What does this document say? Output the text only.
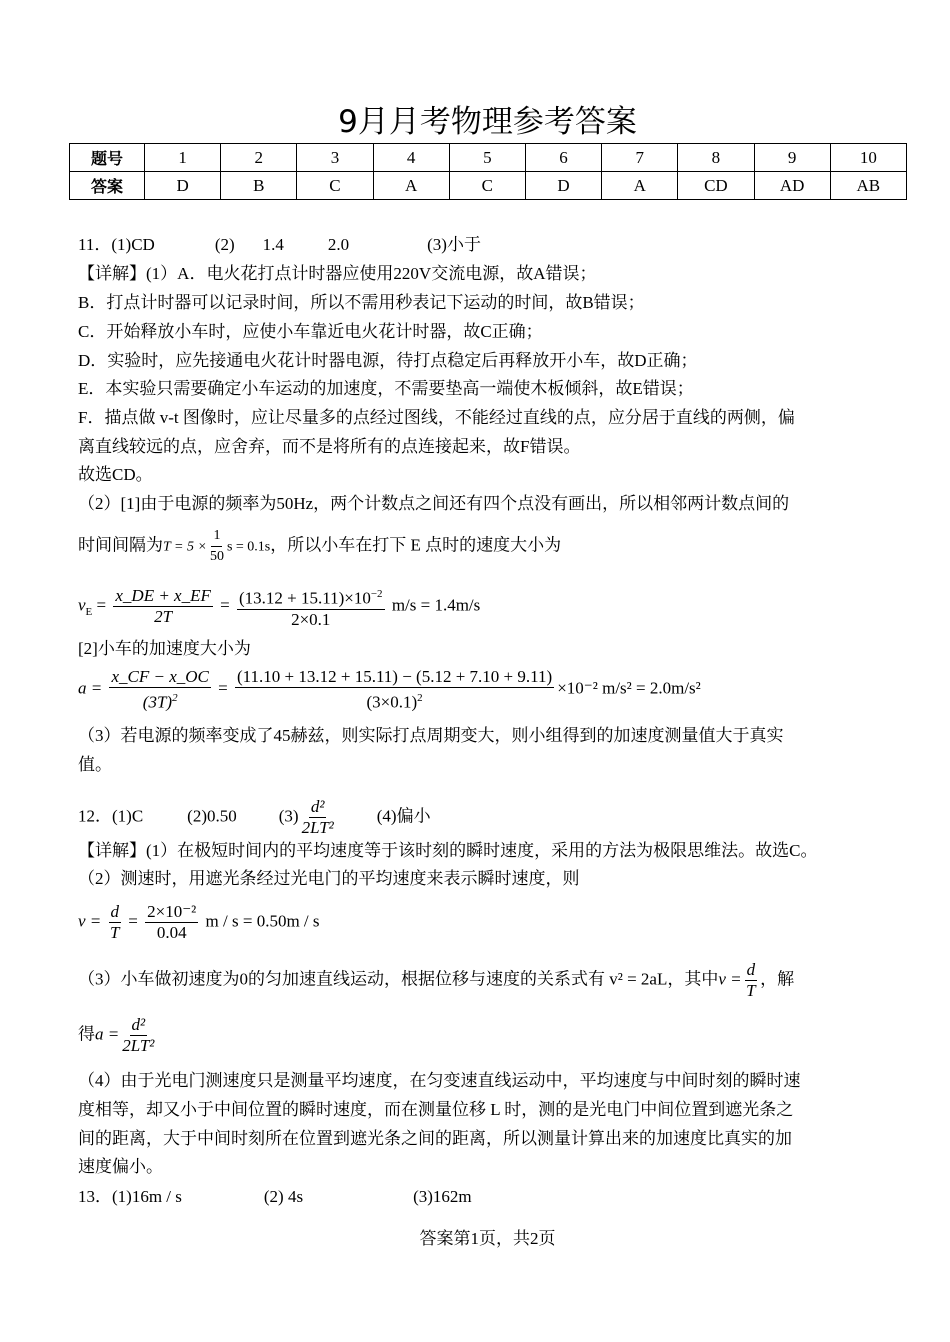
9月月考物理参考答案
题号	1	2	3	4	5	6	7	8	9	10
答案	D	B	C	A	C	D	A	CD	AD	AB
11．(1)CD	(2) 1.4	2.0	(3)小于
【详解】(1）A．电火花打点计时器应使用220V交流电源，故A错误；
B．打点计时器可以记录时间，所以不需用秒表记下运动的时间，故B错误；
C．开始释放小车时，应使小车靠近电火花计时器，故C正确；
D．实验时，应先接通电火花计时器电源，待打点稳定后再释放开小车，故D正确；
E．本实验只需要确定小车运动的加速度，不需要垫高一端使木板倾斜，故E错误；
F．描点做 v-t 图像时，应让尽量多的点经过图线，不能经过直线的点，应分居于直线的两侧，偏
离直线较远的点，应舍弃，而不是将所有的点连接起来，故F错误。
故选CD。
（2）[1]由于电源的频率为50Hz，两个计数点之间还有四个点没有画出，所以相邻两计数点间的
时间间隔为$T = 5 \times \frac{1}{50}$ s = 0.1s，所以小车在打下 E 点时的速度大小为
$v_E = \frac{x\_DE + x\_EF}{2T} = \frac{(13.12 + 15.11)\times 10^{-2}}{2\times 0.1} m/s = 1.4m/s$
[2]小车的加速度大小为
$a = \frac{x\_CF - x\_OC}{(3T)^2} = \frac{(11.10 + 13.12 + 15.11) - (5.12 + 7.10 + 9.11)}{(3\times 0.1)^2} \times 10^{-2}$ m/s² = 2.0m/s²
（3）若电源的频率变成了45赫兹，则实际打点周期变大，则小组得到的加速度测量值大于真实
值。
12．(1)C	(2)0.50 $(3) \frac{\text{d²}}{\text{2LT²}}$	(4)偏小
【详解】(1）在极短时间内的平均速度等于该时刻的瞬时速度，采用的方法为极限思维法。故选C。
（2）测速时，用遮光条经过光电门的平均速度来表示瞬时速度，则
$v = \frac{d}{T} = \frac{\text{2×10⁻²}}{0.04}$ m / s = 0.50m / s
（3）小车做初速度为0的匀加速直线运动，根据位移与速度的关系式有 v² = 2aL，其中$v = \frac{d}{T}$ ，解
得$a = \frac{\text{d²}}{\text{2LT²}}$
（4）由于光电门测速度只是测量平均速度，在匀变速直线运动中，平均速度与中间时刻的瞬时速
度相等，却又小于中间位置的瞬时速度，而在测量位移 L 时，测的是光电门中间位置到遮光条之
间的距离，大于中间时刻所在位置到遮光条之间的距离，所以测量计算出来的加速度比真实的加
速度偏小。
13．(1)16m / s	(2) 4s	(3)162m
答案第1页，共2页
